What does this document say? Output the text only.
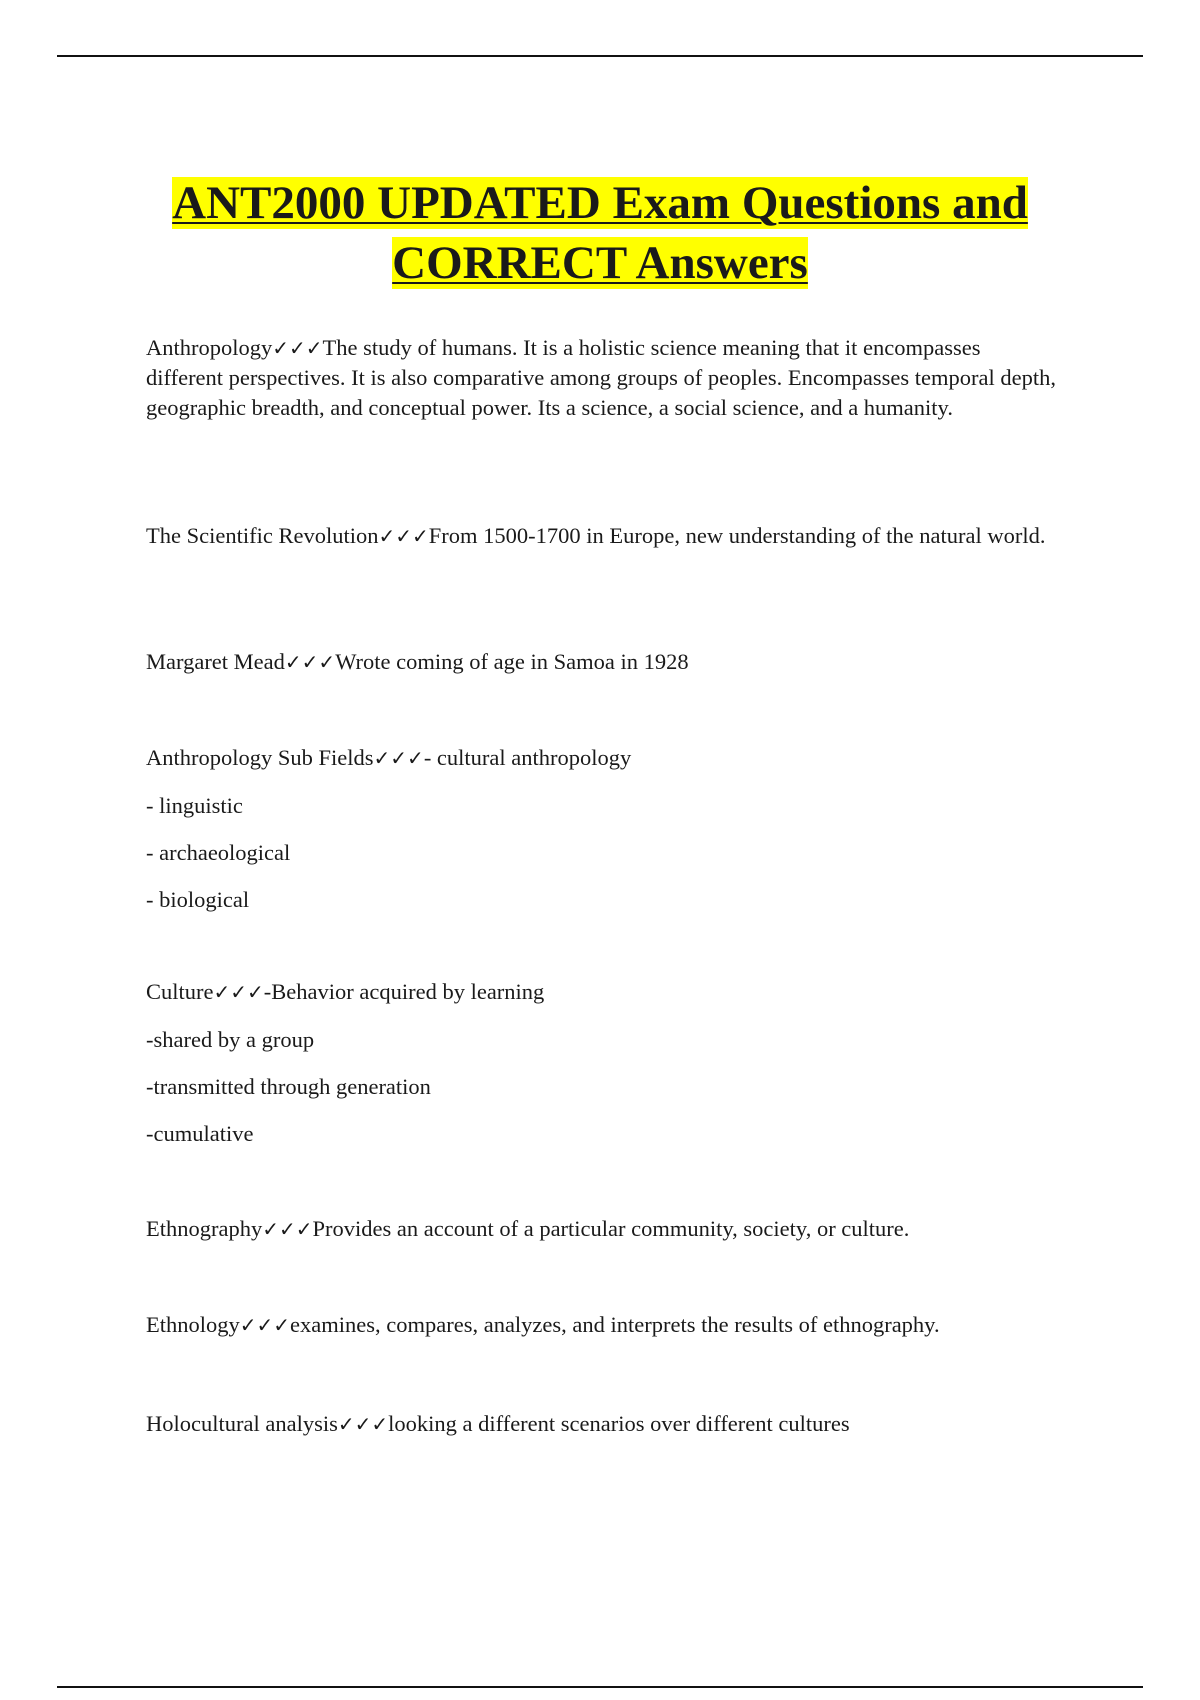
ANT2000 UPDATED Exam Questions and
CORRECT Answers

Anthropology✓✓✓The study of humans. It is a holistic science meaning that it encompasses different perspectives. It is also comparative among groups of peoples. Encompasses temporal depth, geographic breadth, and conceptual power. Its a science, a social science, and a humanity.

The Scientific Revolution✓✓✓From 1500-1700 in Europe, new understanding of the natural world.

Margaret Mead✓✓✓Wrote coming of age in Samoa in 1928

Anthropology Sub Fields✓✓✓- cultural anthropology

- linguistic

- archaeological

- biological

Culture✓✓✓-Behavior acquired by learning

-shared by a group

-transmitted through generation

-cumulative

Ethnography✓✓✓Provides an account of a particular community, society, or culture.

Ethnology✓✓✓examines, compares, analyzes, and interprets the results of ethnography.

Holocultural analysis✓✓✓looking a different scenarios over different cultures
